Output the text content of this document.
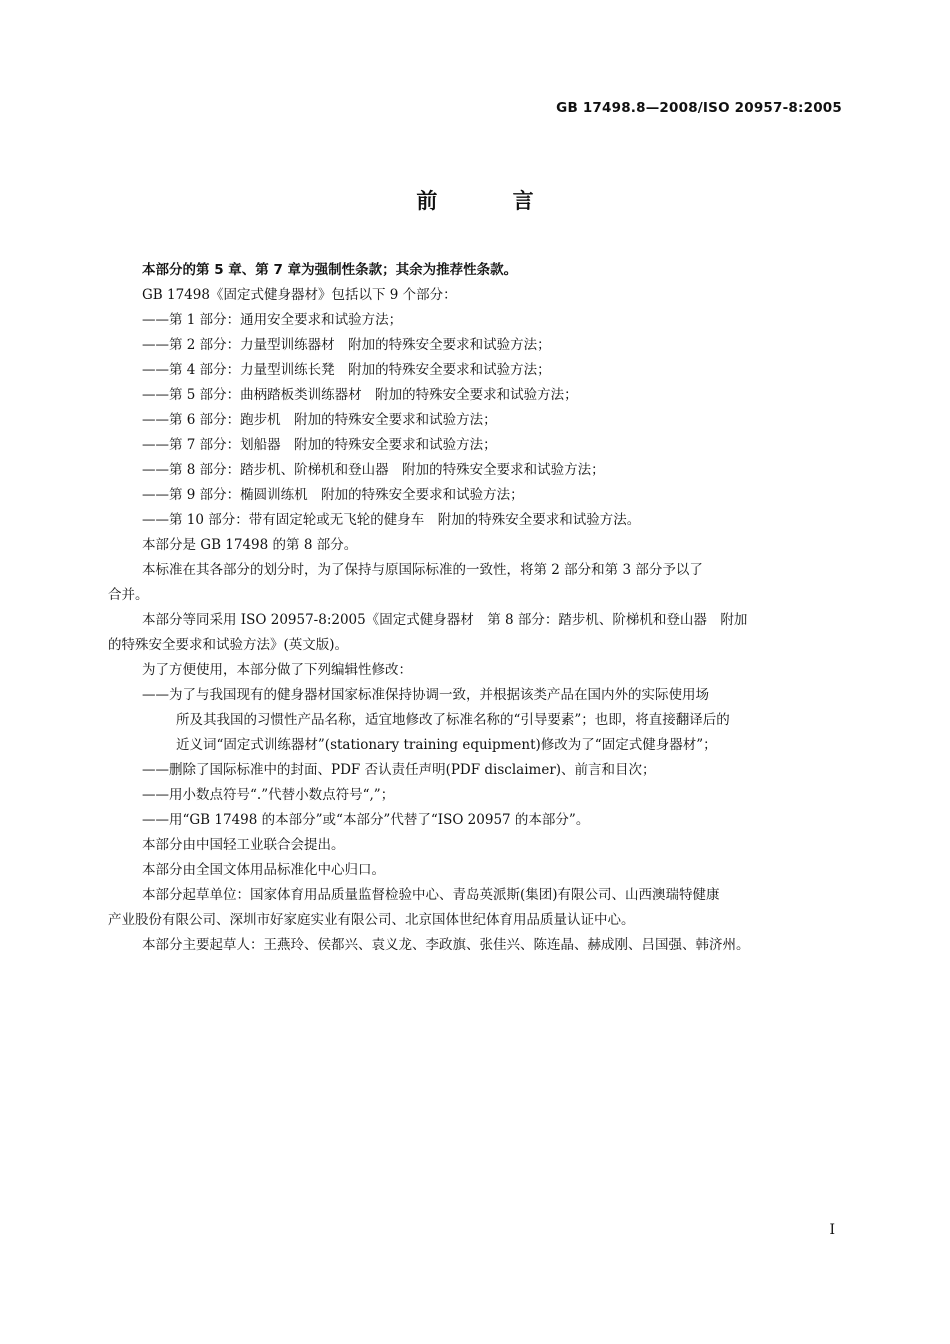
GB 17498.8—2008/ISO 20957-8:2005
前 言

本部分的第 5 章、第 7 章为强制性条款；其余为推荐性条款。

GB 17498《固定式健身器材》包括以下 9 个部分：

——第 1 部分：通用安全要求和试验方法；

——第 2 部分：力量型训练器材　附加的特殊安全要求和试验方法；

——第 4 部分：力量型训练长凳　附加的特殊安全要求和试验方法；

——第 5 部分：曲柄踏板类训练器材　附加的特殊安全要求和试验方法；

——第 6 部分：跑步机　附加的特殊安全要求和试验方法；

——第 7 部分：划船器　附加的特殊安全要求和试验方法；

——第 8 部分：踏步机、阶梯机和登山器　附加的特殊安全要求和试验方法；

——第 9 部分：椭圆训练机　附加的特殊安全要求和试验方法；

——第 10 部分：带有固定轮或无飞轮的健身车　附加的特殊安全要求和试验方法。

本部分是 GB 17498 的第 8 部分。

本标准在其各部分的划分时，为了保持与原国际标准的一致性，将第 2 部分和第 3 部分予以了

合并。

本部分等同采用 ISO 20957-8:2005《固定式健身器材　第 8 部分：踏步机、阶梯机和登山器　附加

的特殊安全要求和试验方法》(英文版)。

为了方便使用，本部分做了下列编辑性修改：

——为了与我国现有的健身器材国家标准保持协调一致，并根据该类产品在国内外的实际使用场

所及其我国的习惯性产品名称，适宜地修改了标准名称的“引导要素”；也即，将直接翻译后的

近义词“固定式训练器材”(stationary training equipment)修改为了“固定式健身器材”；

——删除了国际标准中的封面、PDF 否认责任声明(PDF disclaimer)、前言和目次；

——用小数点符号“.”代替小数点符号“,”；

——用“GB 17498 的本部分”或“本部分”代替了“ISO 20957 的本部分”。

本部分由中国轻工业联合会提出。

本部分由全国文体用品标准化中心归口。

本部分起草单位：国家体育用品质量监督检验中心、青岛英派斯(集团)有限公司、山西澳瑞特健康

产业股份有限公司、深圳市好家庭实业有限公司、北京国体世纪体育用品质量认证中心。

本部分主要起草人：王燕玲、侯都兴、袁义龙、李政旗、张佳兴、陈连晶、赫成刚、吕国强、韩济州。

I
